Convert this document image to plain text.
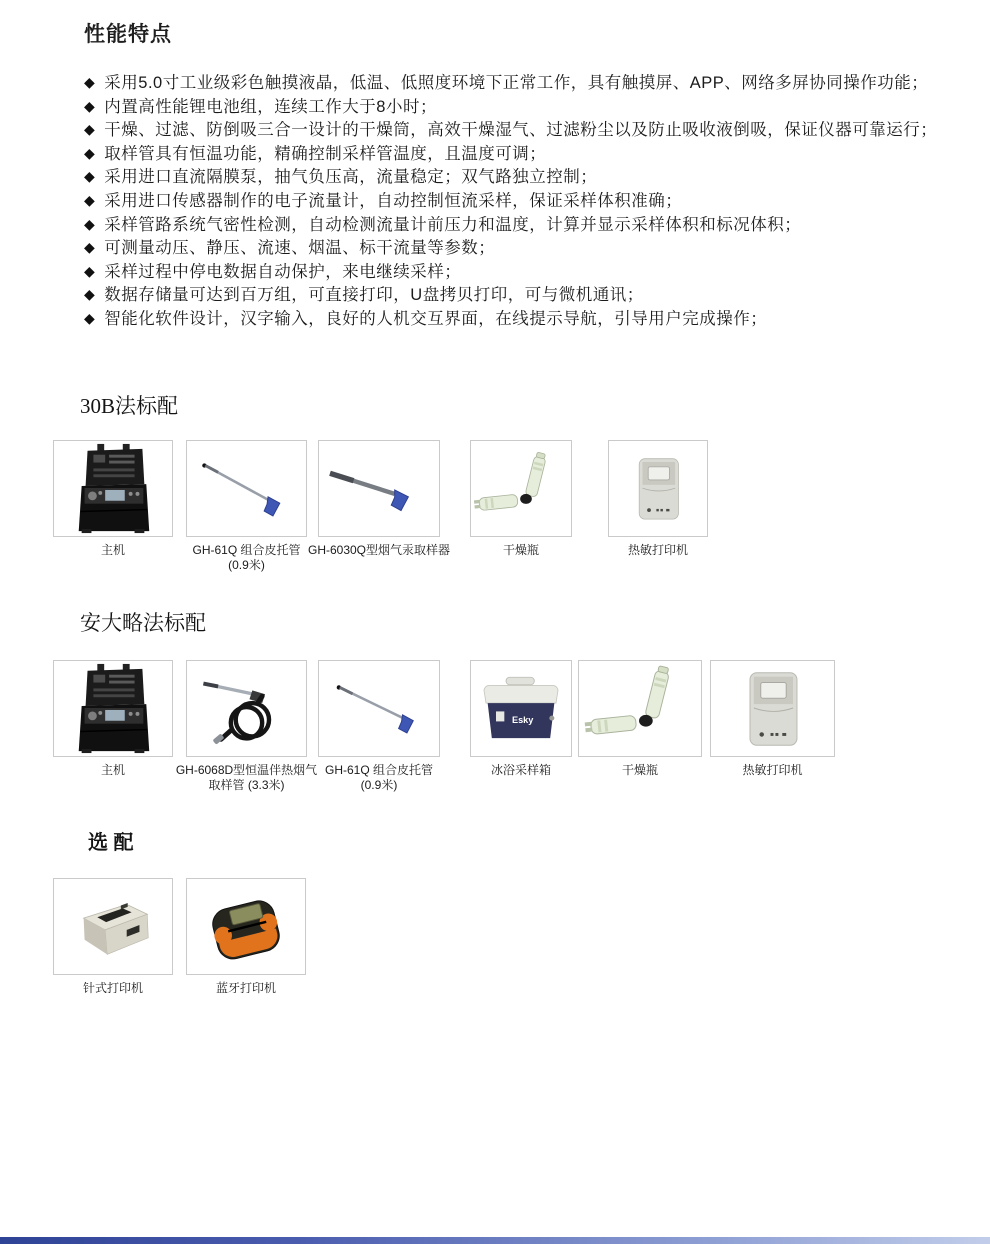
性能特点
◆ 采用5.0寸工业级彩色触摸液晶，低温、低照度环境下正常工作，具有触摸屏、APP、网络多屏协同操作功能；
◆ 内置高性能锂电池组，连续工作大于8小时；
◆ 干燥、过滤、防倒吸三合一设计的干燥筒，高效干燥湿气、过滤粉尘以及防止吸收液倒吸，保证仪器可靠运行；
◆ 取样管具有恒温功能，精确控制采样管温度，且温度可调；
◆ 采用进口直流隔膜泵，抽气负压高，流量稳定；双气路独立控制；
◆ 采用进口传感器制作的电子流量计，自动控制恒流采样，保证采样体积准确；
◆ 采样管路系统气密性检测，自动检测流量计前压力和温度，计算并显示采样体积和标况体积；
◆ 可测量动压、静压、流速、烟温、标干流量等参数；
◆ 采样过程中停电数据自动保护，来电继续采样；
◆ 数据存储量可达到百万组，可直接打印，U盘拷贝打印，可与微机通讯；
◆ 智能化软件设计，汉字输入，良好的人机交互界面，在线提示导航，引导用户完成操作；
30B法标配
主机	GH-61Q 组合皮托管
(0.9米)
GH-6030Q型烟气汞取样器	干燥瓶	热敏打印机
安大略法标配
主机	GH-6068D型恒温伴热烟气
取样管 (3.3米)
GH-61Q 组合皮托管
(0.9米)
Esky
冰浴采样箱	干燥瓶	热敏打印机
选 配
针式打印机	蓝牙打印机
